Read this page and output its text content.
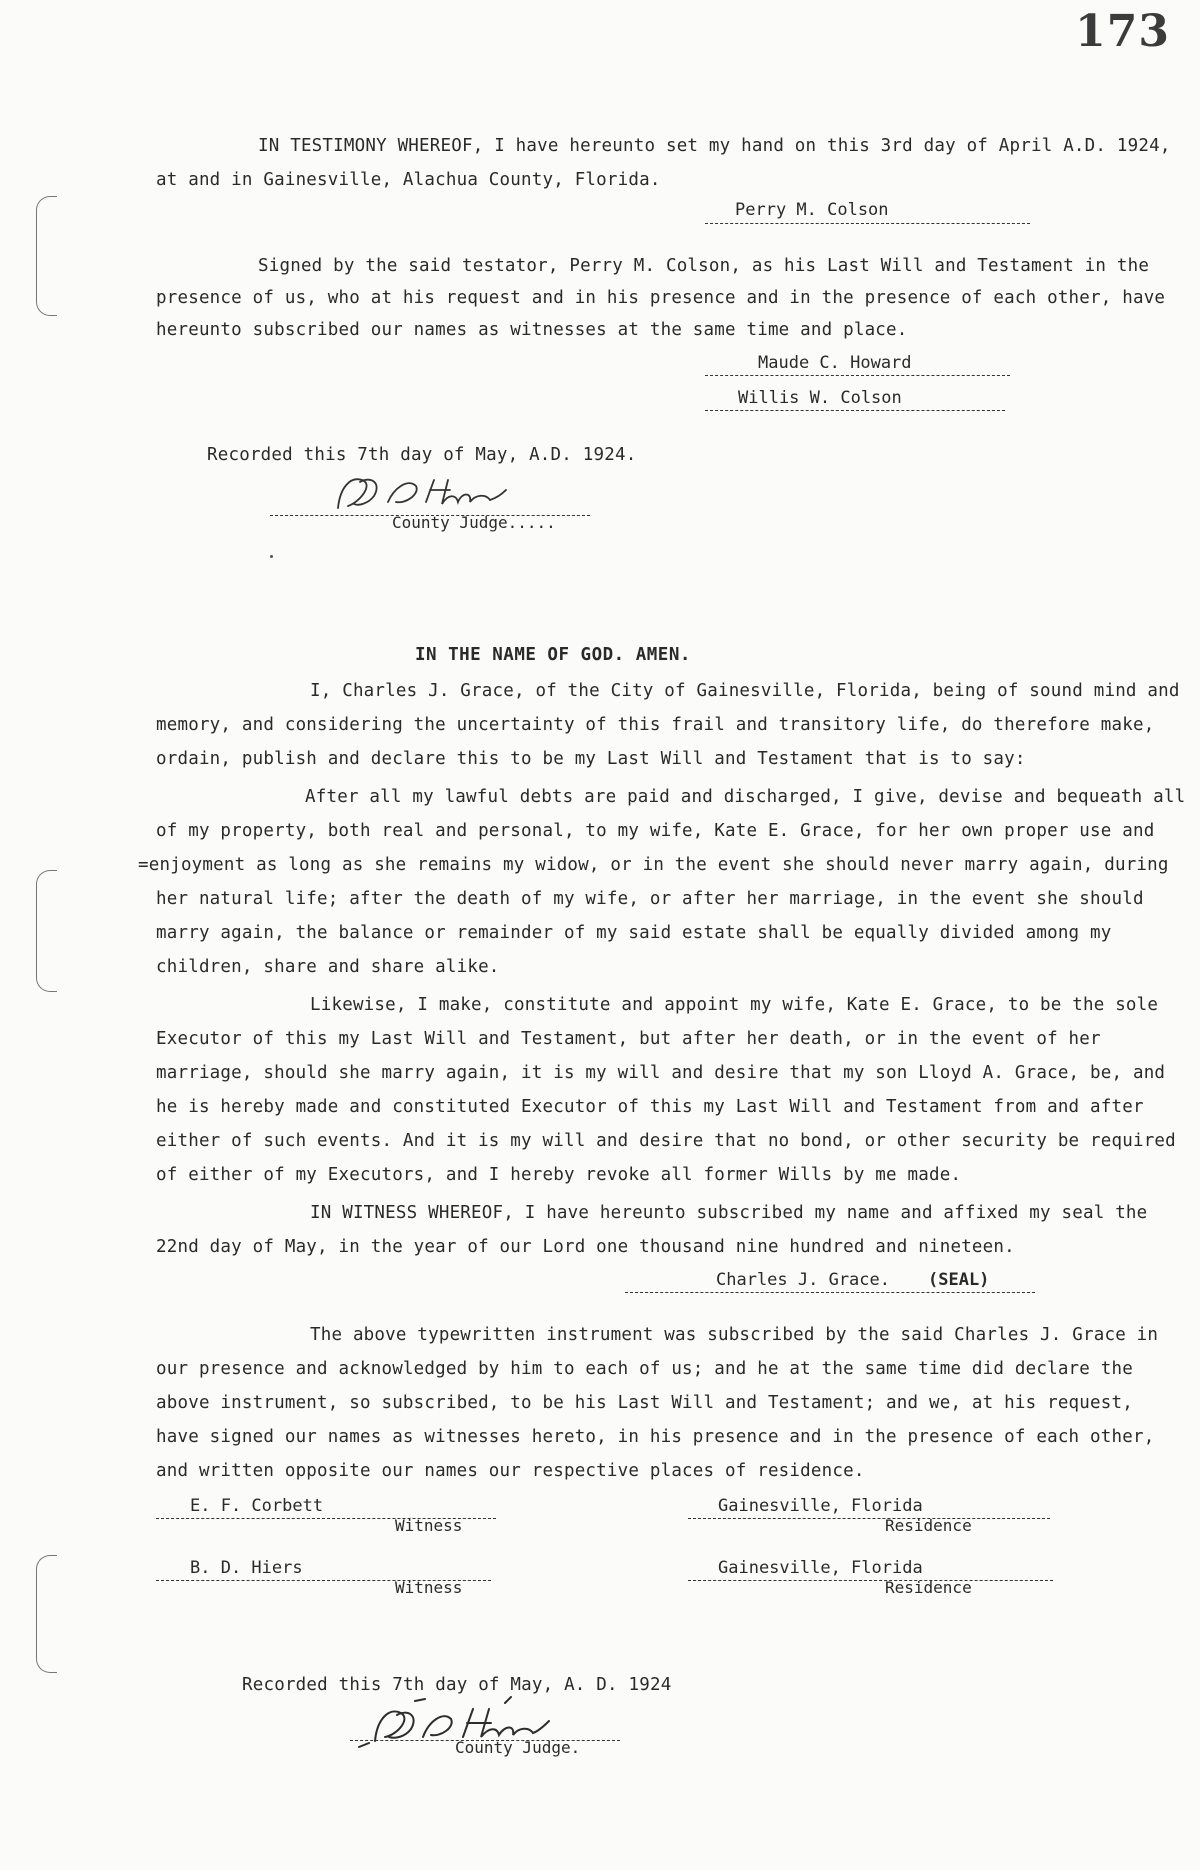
173
IN TESTIMONY WHEREOF, I have hereunto set my hand on this 3rd day of April A.D. 1924,
at and in Gainesville, Alachua County, Florida.
Perry M. Colson
Signed by the said testator, Perry M. Colson, as his Last Will and Testament in the
presence of us, who at his request and in his presence and in the presence of each other, have
hereunto subscribed our names as witnesses at the same time and place.
Maude C. Howard
Willis W. Colson
Recorded this 7th day of May, A.D. 1924.
County Judge.....
IN THE NAME OF GOD. AMEN.
I, Charles J. Grace, of the City of Gainesville, Florida, being of sound mind and
memory, and considering the uncertainty of this frail and transitory life, do therefore make,
ordain, publish and declare this to be my Last Will and Testament that is to say:
After all my lawful debts are paid and discharged, I give, devise and bequeath all
of my property, both real and personal, to my wife, Kate E. Grace, for her own proper use and
=enjoyment as long as she remains my widow, or in the event she should never marry again, during
her natural life; after the death of my wife, or after her marriage, in the event she should
marry again, the balance or remainder of my said estate shall be equally divided among my
children, share and share alike.
Likewise, I make, constitute and appoint my wife, Kate E. Grace, to be the sole
Executor of this my Last Will and Testament, but after her death, or in the event of her
marriage, should she marry again, it is my will and desire that my son Lloyd A. Grace, be, and
he is hereby made and constituted Executor of this my Last Will and Testament from and after
either of such events. And it is my will and desire that no bond, or other security be required
of either of my Executors, and I hereby revoke all former Wills by me made.
IN WITNESS WHEREOF, I have hereunto subscribed my name and affixed my seal the
22nd day of May, in the year of our Lord one thousand nine hundred and nineteen.
Charles J. Grace. (SEAL)
The above typewritten instrument was subscribed by the said Charles J. Grace in
our presence and acknowledged by him to each of us; and he at the same time did declare the
above instrument, so subscribed, to be his Last Will and Testament; and we, at his request,
have signed our names as witnesses hereto, in his presence and in the presence of each other,
and written opposite our names our respective places of residence.
E. F. Corbett
Witness
Gainesville, Florida
Residence
B. D. Hiers
Witness
Gainesville, Florida
Residence
Recorded this 7th day of May, A. D. 1924
County Judge.
